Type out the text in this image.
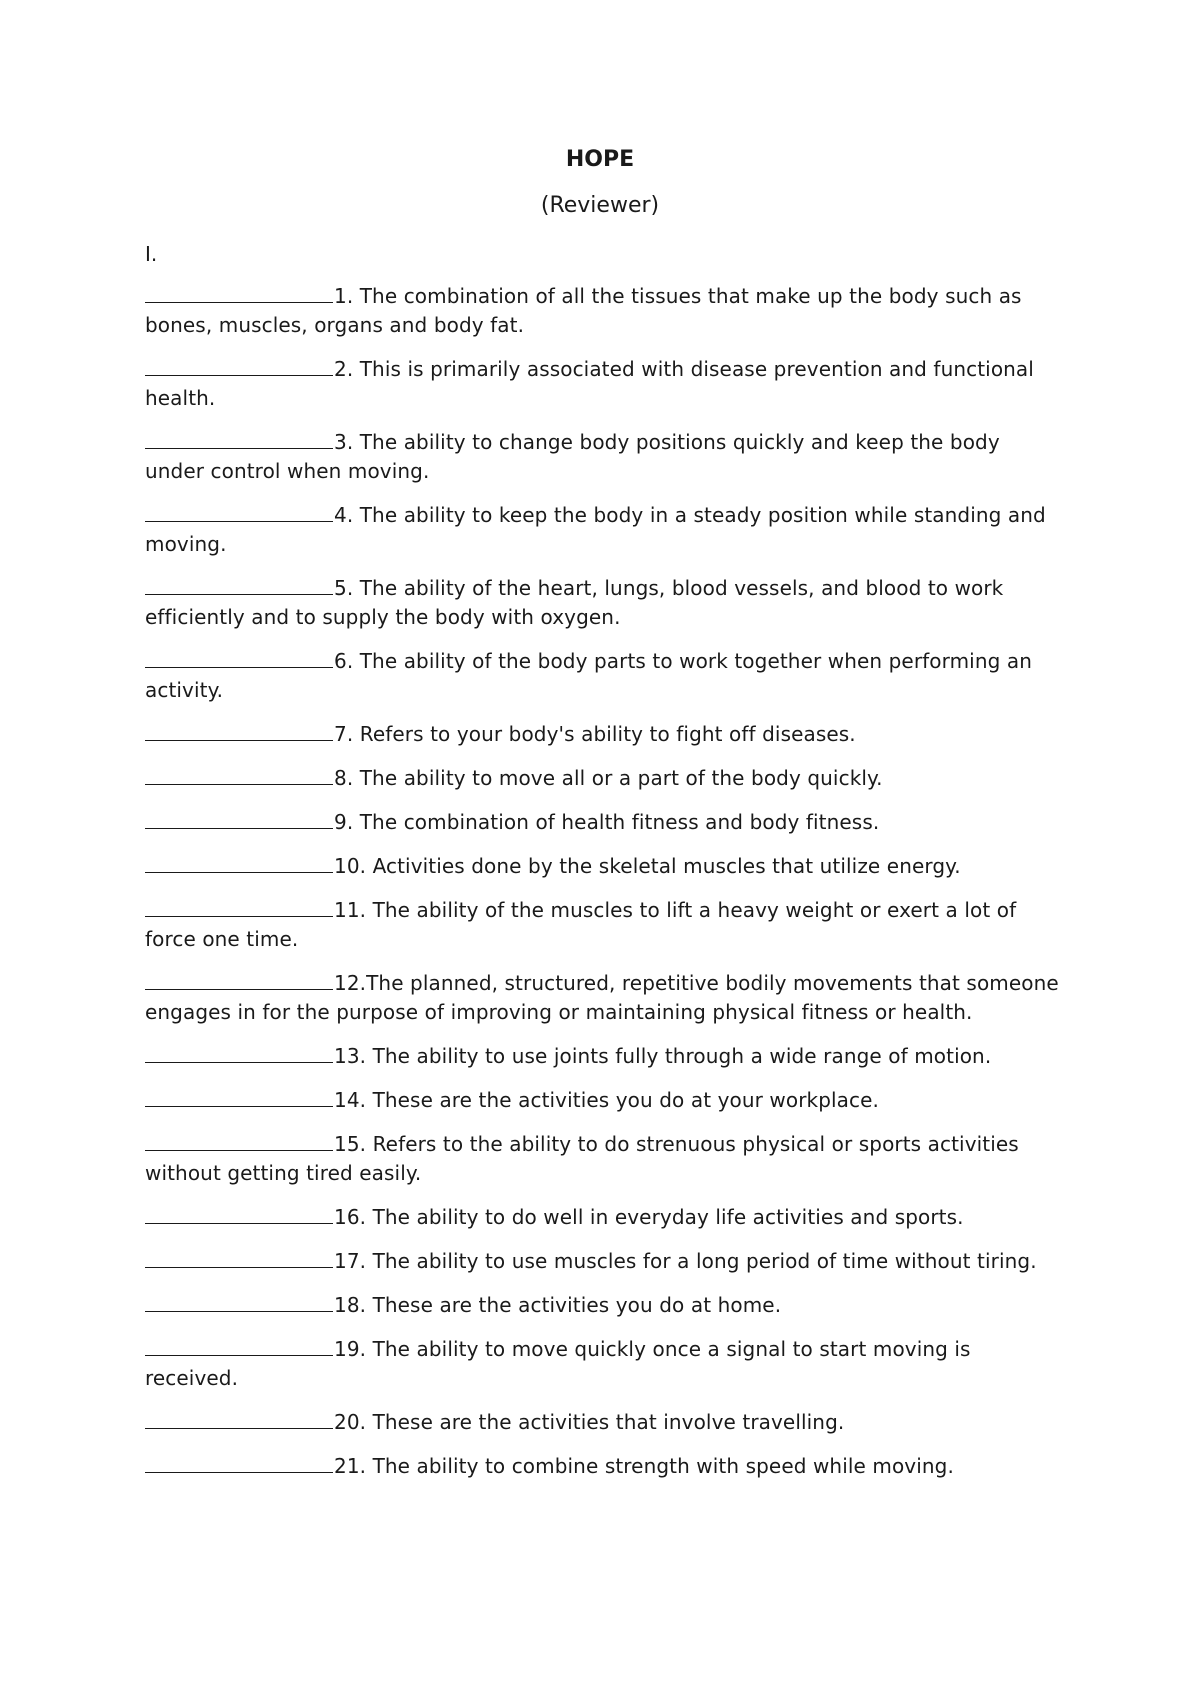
HOPE
(Reviewer)
I.
1. The combination of all the tissues that make up the body such as bones, muscles, organs and body fat.
2. This is primarily associated with disease prevention and functional health.
3. The ability to change body positions quickly and keep the body under control when moving.
4. The ability to keep the body in a steady position while standing and moving.
5. The ability of the heart, lungs, blood vessels, and blood to work efficiently and to supply the body with oxygen.
6. The ability of the body parts to work together when performing an activity.
7. Refers to your body's ability to fight off diseases.
8. The ability to move all or a part of the body quickly.
9. The combination of health fitness and body fitness.
10. Activities done by the skeletal muscles that utilize energy.
11. The ability of the muscles to lift a heavy weight or exert a lot of force one time.
12.The planned, structured, repetitive bodily movements that someone engages in for the purpose of improving or maintaining physical fitness or health.
13. The ability to use joints fully through a wide range of motion.
14. These are the activities you do at your workplace.
15. Refers to the ability to do strenuous physical or sports activities without getting tired easily.
16. The ability to do well in everyday life activities and sports.
17. The ability to use muscles for a long period of time without tiring.
18. These are the activities you do at home.
19. The ability to move quickly once a signal to start moving is received.
20. These are the activities that involve travelling.
21. The ability to combine strength with speed while moving.
